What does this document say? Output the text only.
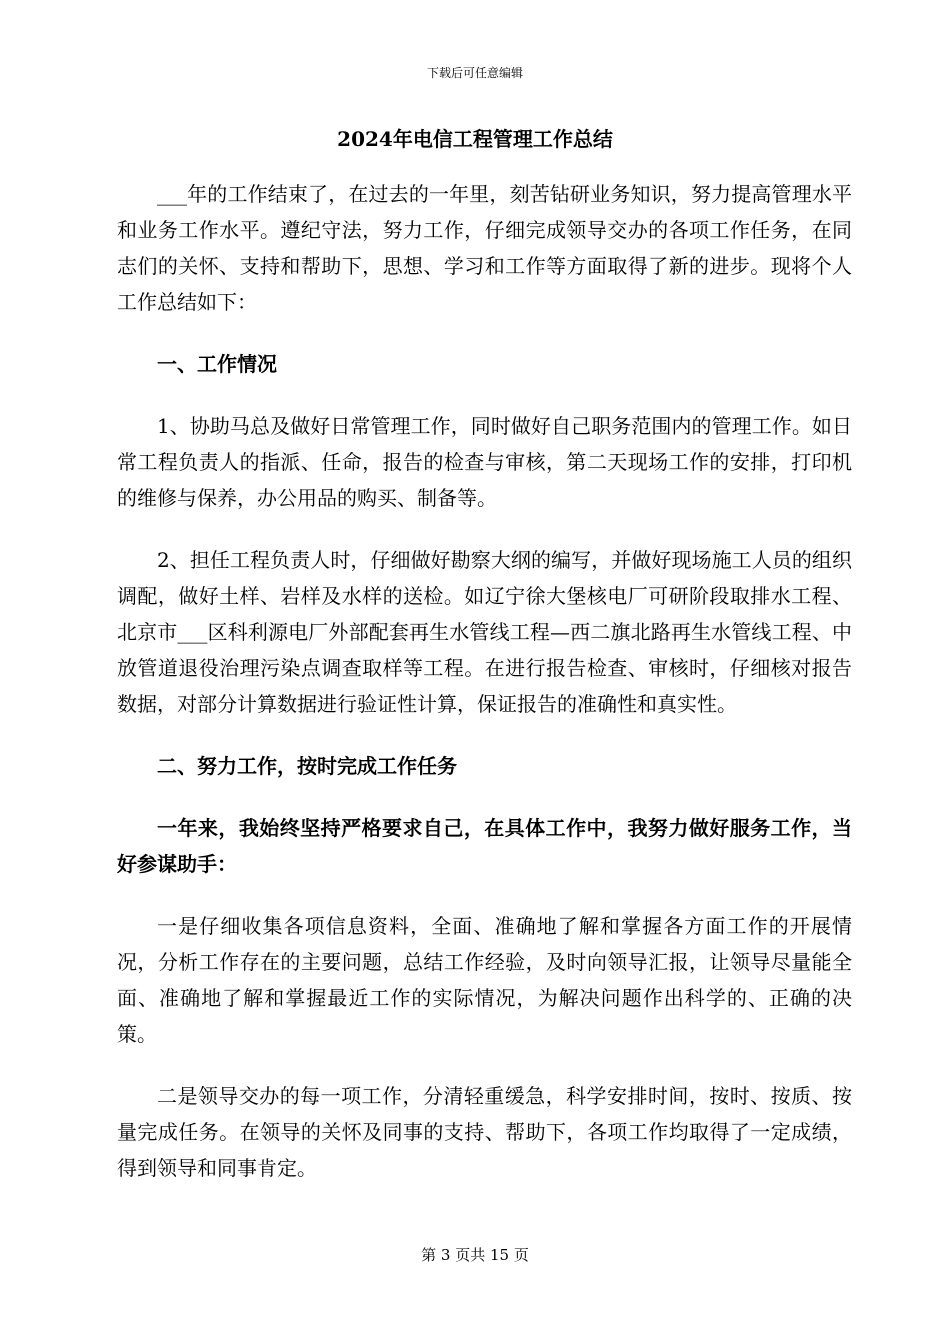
下载后可任意编辑
2024年电信工程管理工作总结

___年的工作结束了，在过去的一年里，刻苦钻研业务知识，努力提高管理水平和业务工作水平。遵纪守法，努力工作，仔细完成领导交办的各项工作任务，在同志们的关怀、支持和帮助下，思想、学习和工作等方面取得了新的进步。现将个人工作总结如下：

一、工作情况

1、协助马总及做好日常管理工作，同时做好自己职务范围内的管理工作。如日常工程负责人的指派、任命，报告的检查与审核，第二天现场工作的安排，打印机的维修与保养，办公用品的购买、制备等。

2、担任工程负责人时，仔细做好勘察大纲的编写，并做好现场施工人员的组织调配，做好土样、岩样及水样的送检。如辽宁徐大堡核电厂可研阶段取排水工程、北京市___区科利源电厂外部配套再生水管线工程—西二旗北路再生水管线工程、中放管道退役治理污染点调查取样等工程。在进行报告检查、审核时，仔细核对报告数据，对部分计算数据进行验证性计算，保证报告的准确性和真实性。

二、努力工作，按时完成工作任务

一年来，我始终坚持严格要求自己，在具体工作中，我努力做好服务工作，当好参谋助手：

一是仔细收集各项信息资料，全面、准确地了解和掌握各方面工作的开展情况，分析工作存在的主要问题，总结工作经验，及时向领导汇报，让领导尽量能全面、准确地了解和掌握最近工作的实际情况，为解决问题作出科学的、正确的决策。

二是领导交办的每一项工作，分清轻重缓急，科学安排时间，按时、按质、按量完成任务。在领导的关怀及同事的支持、帮助下，各项工作均取得了一定成绩，得到领导和同事肯定。

第 3 页共 15 页
